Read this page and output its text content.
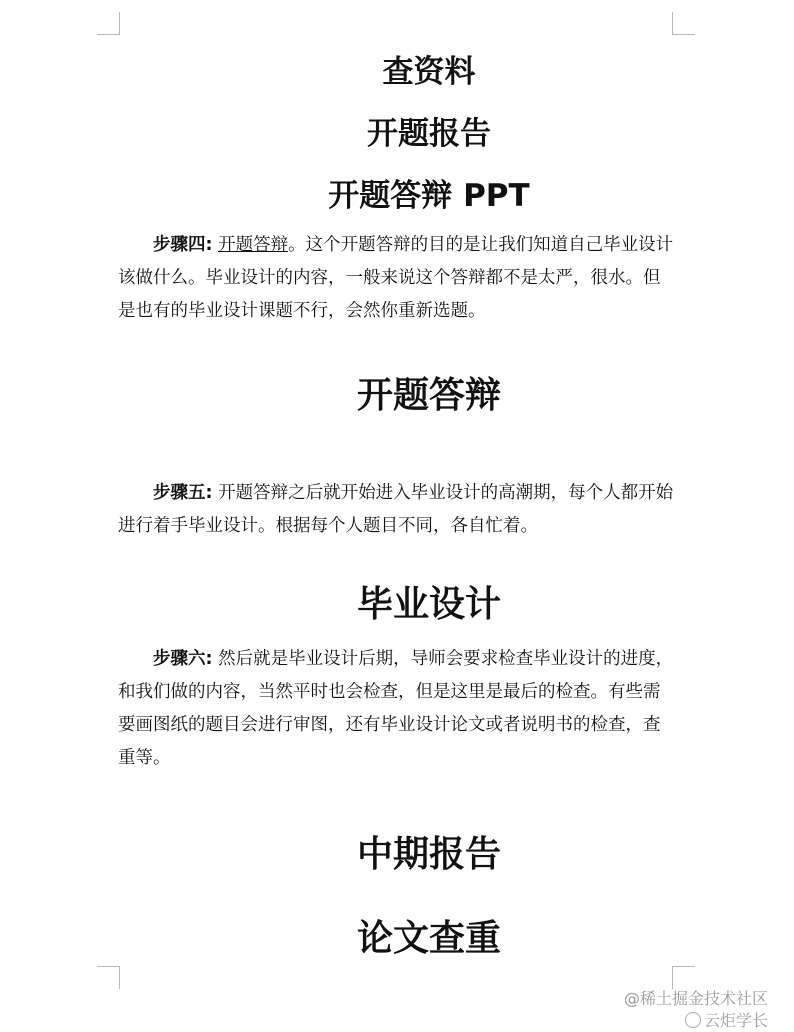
查资料
开题报告
开题答辩 PPT
步骤四: 开题答辩。这个开题答辩的目的是让我们知道自己毕业设计该做什么。毕业设计的内容，一般来说这个答辩都不是太严，很水。但是也有的毕业设计课题不行，会然你重新选题。
开题答辩
步骤五: 开题答辩之后就开始进入毕业设计的高潮期，每个人都开始进行着手毕业设计。根据每个人题目不同，各自忙着。
毕业设计
步骤六: 然后就是毕业设计后期，导师会要求检查毕业设计的进度，和我们做的内容，当然平时也会检查，但是这里是最后的检查。有些需要画图纸的题目会进行审图，还有毕业设计论文或者说明书的检查，查重等。
中期报告
论文查重
@稀土掘金技术社区
云炬学长
